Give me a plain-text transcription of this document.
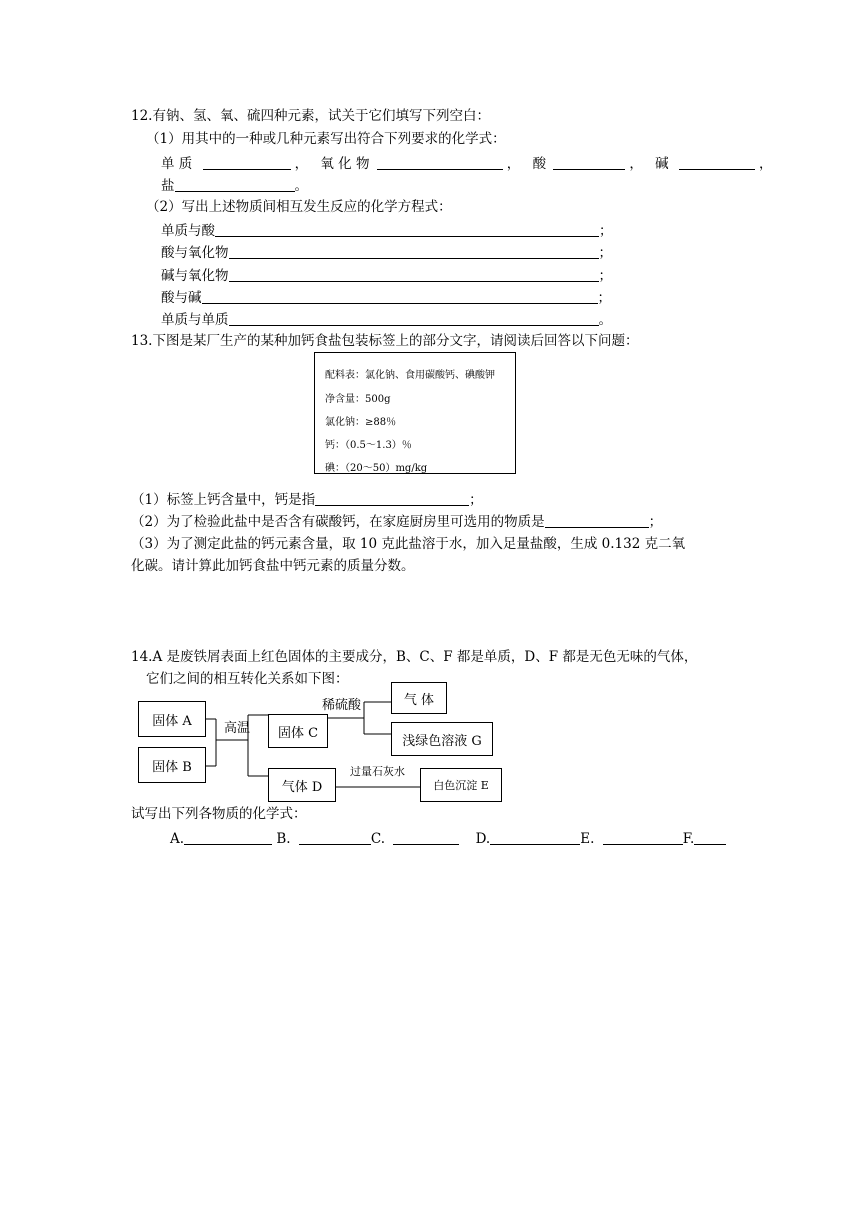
12.有钠、氢、氧、硫四种元素，试关于它们填写下列空白：
（1）用其中的一种或几种元素写出符合下列要求的化学式：
单 质	， 氧 化 物	， 酸	， 碱	，
盐	。
（2）写出上述物质间相互发生反应的化学方程式：
单质与酸	；
酸与氧化物	；
碱与氧化物	；
酸与碱	；
单质与单质	。
13.下图是某厂生产的某种加钙食盐包装标签上的部分文字，请阅读后回答以下问题：
配料表：氯化钠、食用碳酸钙、碘酸钾
净含量：500g
氯化钠：≥88％
钙：（0.5～1.3）％
碘：（20～50）mg/kg
（1）标签上钙含量中，钙是指	；
（2）为了检验此盐中是否含有碳酸钙，在家庭厨房里可选用的物质是	；
（3）为了测定此盐的钙元素含量，取 10 克此盐溶于水，加入足量盐酸，生成 0.132 克二氧
化碳。请计算此加钙食盐中钙元素的质量分数。
14.A 是废铁屑表面上红色固体的主要成分，B、C、F 都是单质，D、F 都是无色无味的气体，
它们之间的相互转化关系如下图：
固体 A
固体 B
高温	固体 C
稀硫酸	气 体
浅绿色溶液 G
气体 D
过量石灰水
白色沉淀 E
试写出下列各物质的化学式：
A.	B.	C.	D.	E.	F.
